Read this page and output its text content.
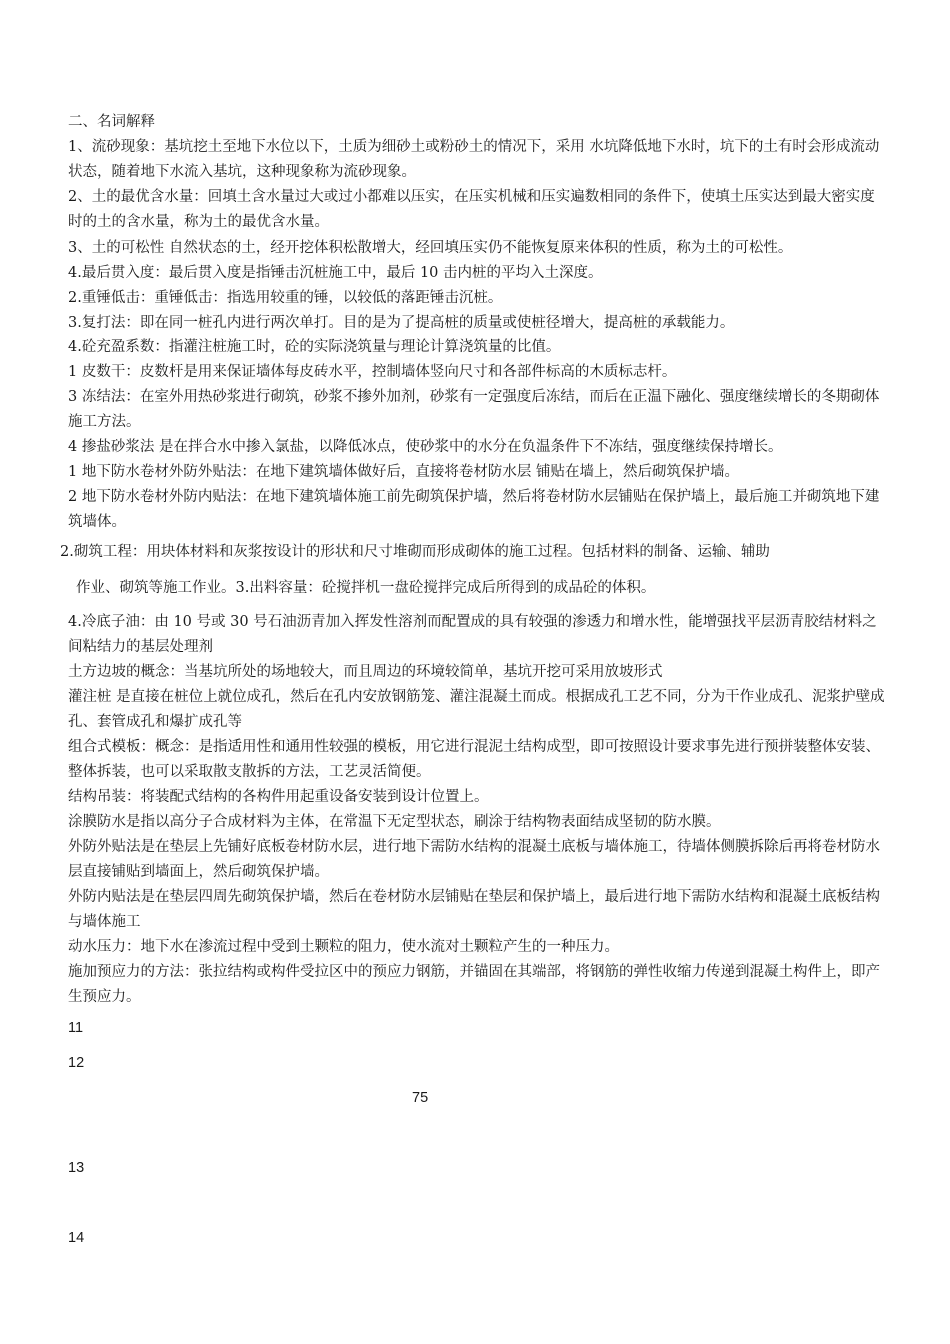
二、名词解释
1、流砂现象：基坑挖土至地下水位以下，土质为细砂土或粉砂土的情况下，采用 水坑降低地下水时，坑下的土有时会形成流动状态，随着地下水流入基坑，这种现象称为流砂现象。
2、土的最优含水量：回填土含水量过大或过小都难以压实，在压实机械和压实遍数相同的条件下，使填土压实达到最大密实度时的土的含水量，称为土的最优含水量。
3、土的可松性 自然状态的土，经开挖体积松散增大，经回填压实仍不能恢复原来体积的性质，称为土的可松性。
4.最后贯入度：最后贯入度是指锤击沉桩施工中，最后 10 击内桩的平均入土深度。
2.重锤低击：重锤低击：指选用较重的锤，以较低的落距锤击沉桩。
3.复打法：即在同一桩孔内进行两次单打。目的是为了提高桩的质量或使桩径增大，提高桩的承载能力。
4.砼充盈系数：指灌注桩施工时，砼的实际浇筑量与理论计算浇筑量的比值。
1 皮数干：皮数杆是用来保证墙体每皮砖水平，控制墙体竖向尺寸和各部件标高的木质标志杆。
3 冻结法：在室外用热砂浆进行砌筑，砂浆不掺外加剂，砂浆有一定强度后冻结，而后在正温下融化、强度继续增长的冬期砌体施工方法。
4 掺盐砂浆法 是在拌合水中掺入氯盐，以降低冰点，使砂浆中的水分在负温条件下不冻结，强度继续保持增长。
1 地下防水卷材外防外贴法：在地下建筑墙体做好后，直接将卷材防水层 铺贴在墙上，然后砌筑保护墙。
2 地下防水卷材外防内贴法：在地下建筑墙体施工前先砌筑保护墙，然后将卷材防水层铺贴在保护墙上，最后施工并砌筑地下建筑墙体。
2.砌筑工程：用块体材料和灰浆按设计的形状和尺寸堆砌而形成砌体的施工过程。包括材料的制备、运输、辅助
作业、砌筑等施工作业。3.出料容量：砼搅拌机一盘砼搅拌完成后所得到的成品砼的体积。
4.冷底子油：由 10 号或 30 号石油沥青加入挥发性溶剂而配置成的具有较强的渗透力和增水性，能增强找平层沥青胶结材料之间粘结力的基层处理剂
土方边坡的概念：当基坑所处的场地较大，而且周边的环境较简单，基坑开挖可采用放坡形式
灌注桩 是直接在桩位上就位成孔，然后在孔内安放钢筋笼、灌注混凝土而成。根据成孔工艺不同，分为干作业成孔、泥浆护壁成孔、套管成孔和爆扩成孔等
组合式模板：概念：是指适用性和通用性较强的模板，用它进行混泥土结构成型，即可按照设计要求事先进行预拼装整体安装、整体拆装，也可以采取散支散拆的方法，工艺灵活简便。
结构吊装：将装配式结构的各构件用起重设备安装到设计位置上。
涂膜防水是指以高分子合成材料为主体，在常温下无定型状态，刷涂于结构物表面结成坚韧的防水膜。
外防外贴法是在垫层上先铺好底板卷材防水层，进行地下需防水结构的混凝土底板与墙体施工，待墙体侧膜拆除后再将卷材防水层直接铺贴到墙面上，然后砌筑保护墙。
外防内贴法是在垫层四周先砌筑保护墙，然后在卷材防水层铺贴在垫层和保护墙上，最后进行地下需防水结构和混凝土底板结构与墙体施工
动水压力：地下水在渗流过程中受到土颗粒的阻力，使水流对土颗粒产生的一种压力。
施加预应力的方法：张拉结构或构件受拉区中的预应力钢筋，并锚固在其端部，将钢筋的弹性收缩力传递到混凝土构件上，即产生预应力。
11
12
75
13
14
